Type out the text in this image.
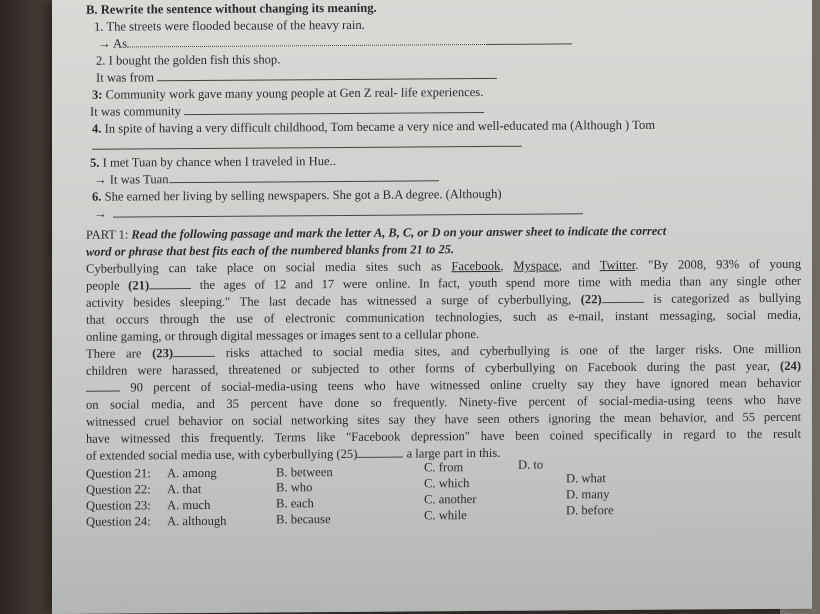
B. Rewrite the sentence without changing its meaning.
1. The streets were flooded because of the heavy rain.
→ As
2. I bought the golden fish this shop.
It was from
3: Community work gave many young people at Gen Z real- life experiences.
It was community
4. In spite of having a very difficult childhood, Tom became a very nice and well-educated ma (Although ) Tom
5. I met Tuan by chance when I traveled in Hue..
→ It was Tuan
6. She earned her living by selling newspapers. She got a B.A degree. (Although)
→
PART 1: Read the following passage and mark the letter A, B, C, or D on your answer sheet to indicate the correct
word or phrase that best fits each of the numbered blanks from 21 to 25.
Cyberbullying can take place on social media sites such as Facebook, Myspace, and Twitter. "By 2008, 93% of young
people (21)	the ages of 12 and 17 were online. In fact, youth spend more time with media than any single other
activity besides sleeping." The last decade has witnessed a surge of cyberbullying, (22)	is categorized as bullying
that occurs through the use of electronic communication technologies, such as e-mail, instant messaging, social media,
online gaming, or through digital messages or images sent to a cellular phone.
There are (23)	risks attached to social media sites, and cyberbullying is one of the larger risks. One million
children were harassed, threatened or subjected to other forms of cyberbullying on Facebook during the past year, (24)
90 percent of social-media-using teens who have witnessed online cruelty say they have ignored mean behavior
on social media, and 35 percent have done so frequently. Ninety-five percent of social-media-using teens who have
witnessed cruel behavior on social networking sites say they have seen others ignoring the mean behavior, and 55 percent
have witnessed this frequently. Terms like "Facebook depression" have been coined specifically in regard to the result
of extended social media use, with cyberbullying (25)	a large part in this.
Question 21: A. among	B. between	C. from	D. to
Question 22: A. that	B. who	C. which	D. what
Question 23: A. much	B. each	C. another	D. many
Question 24: A. although	B. because	C. while	D. before
